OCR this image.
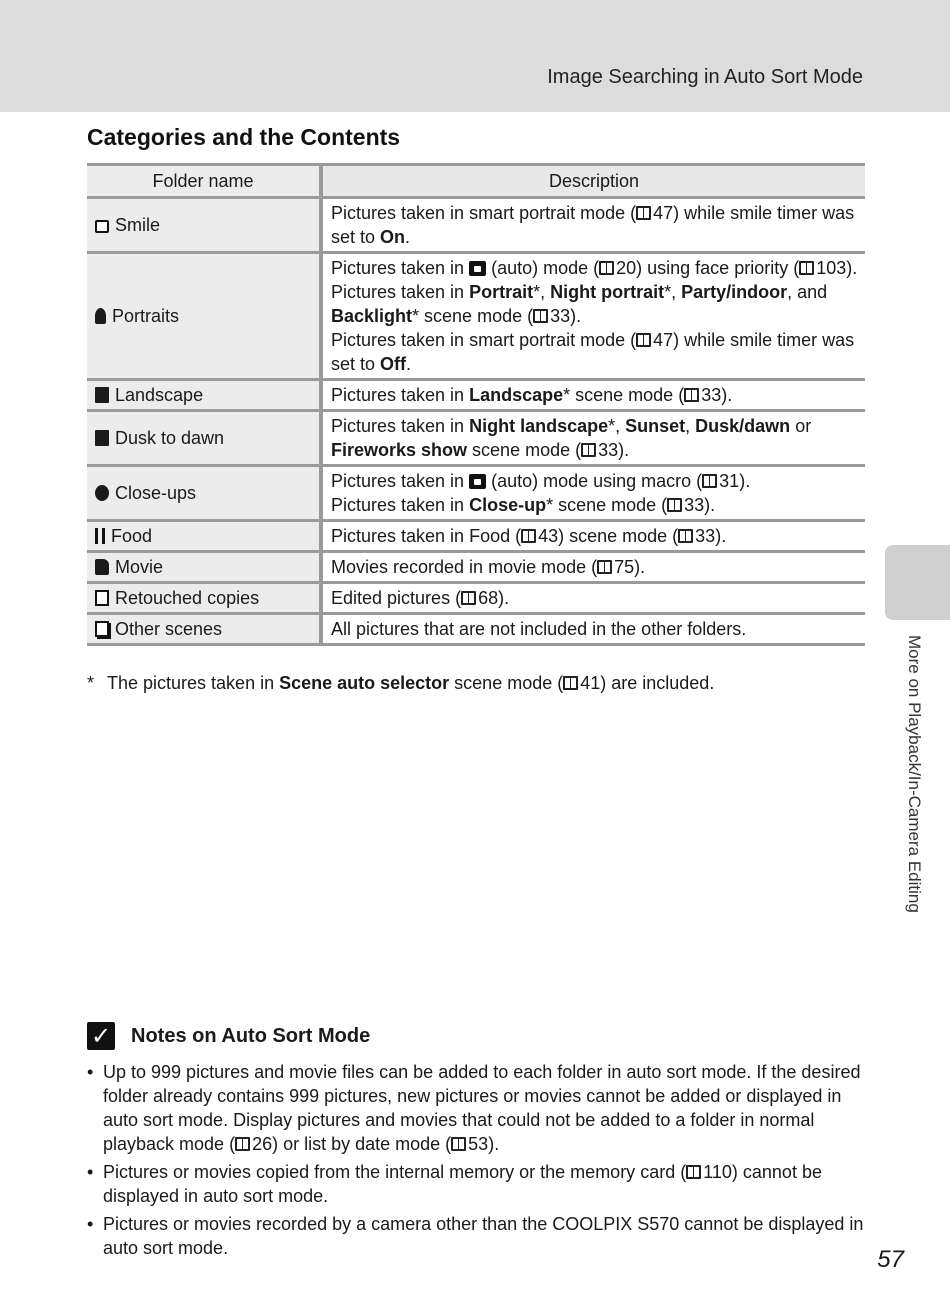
Image Searching in Auto Sort Mode
More on Playback/In-Camera Editing
Categories and the Contents
Folder name	Description
Smile	Pictures taken in smart portrait mode ( 47) while smile timer was set to On.

Portraits	Pictures taken in  (auto) mode ( 20) using face priority ( 103).
Pictures taken in Portrait*, Night portrait*, Party/indoor, and Backlight* scene mode ( 33).
Pictures taken in smart portrait mode ( 47) while smile timer was set to Off.

Landscape	Pictures taken in Landscape* scene mode ( 33).

Dusk to dawn	Pictures taken in Night landscape*, Sunset, Dusk/dawn or Fireworks show scene mode ( 33).

Close-ups	Pictures taken in  (auto) mode using macro ( 31).
Pictures taken in Close-up* scene mode ( 33).

Food	Pictures taken in Food ( 43) scene mode ( 33).

Movie	Movies recorded in movie mode ( 75).

Retouched copies	Edited pictures ( 68).

Other scenes	All pictures that are not included in the other folders.
* The pictures taken in Scene auto selector scene mode ( 41) are included.
✓ Notes on Auto Sort Mode
• Up to 999 pictures and movie files can be added to each folder in auto sort mode. If the desired folder already contains 999 pictures, new pictures or movies cannot be added or displayed in auto sort mode. Display pictures and movies that could not be added to a folder in normal playback mode ( 26) or list by date mode ( 53).
• Pictures or movies copied from the internal memory or the memory card ( 110) cannot be displayed in auto sort mode.
• Pictures or movies recorded by a camera other than the COOLPIX S570 cannot be displayed in auto sort mode.	57
